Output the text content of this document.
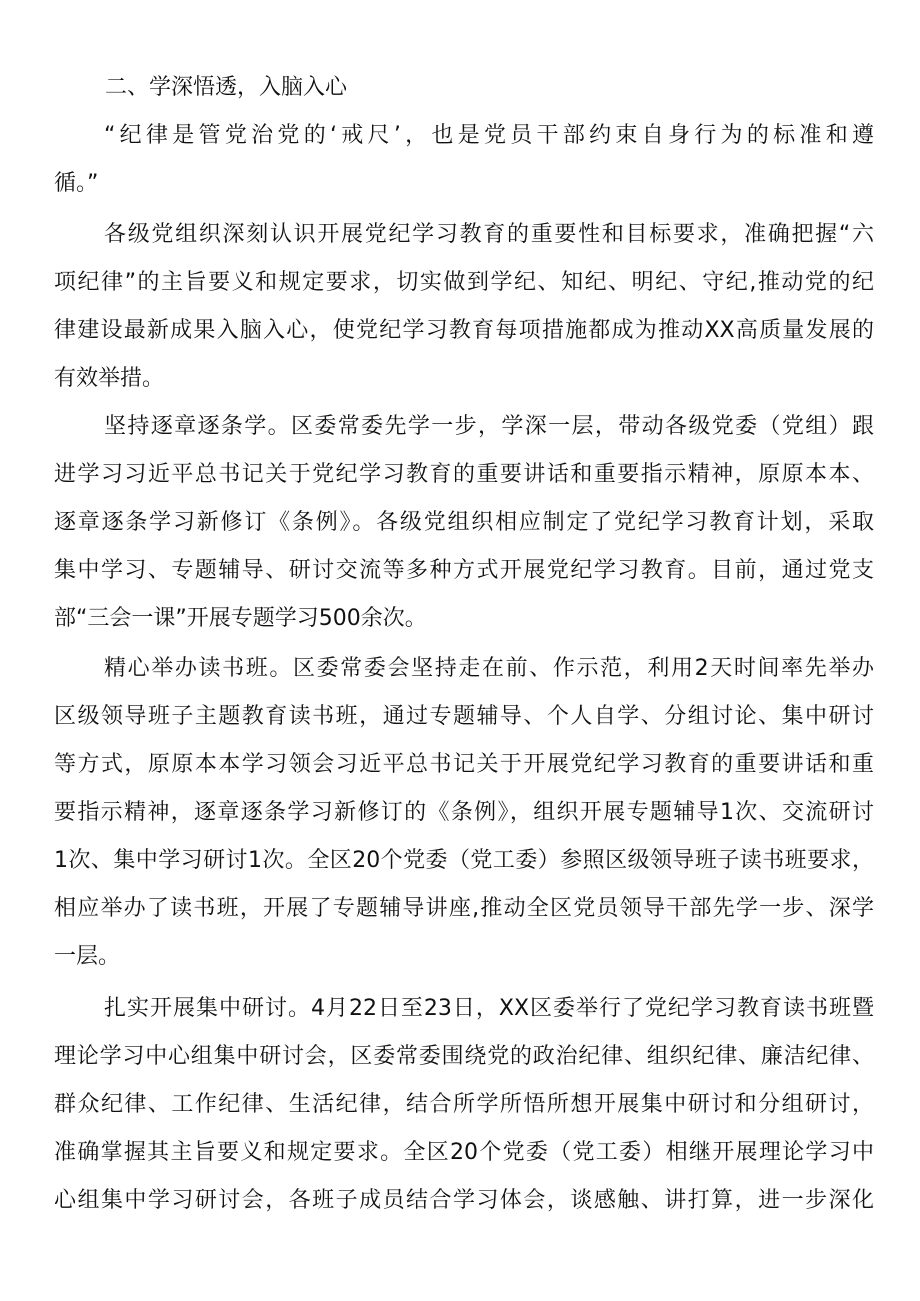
二、学深悟透，入脑入心
“纪律是管党治党的‘戒尺’，也是党员干部约束自身行为的标准和遵
循。”
各级党组织深刻认识开展党纪学习教育的重要性和目标要求，准确把握“六
项纪律”的主旨要义和规定要求，切实做到学纪、知纪、明纪、守纪,推动党的纪
律建设最新成果入脑入心，使党纪学习教育每项措施都成为推动XX高质量发展的
有效举措。
坚持逐章逐条学。区委常委先学一步，学深一层，带动各级党委（党组）跟
进学习习近平总书记关于党纪学习教育的重要讲话和重要指示精神，原原本本、
逐章逐条学习新修订《条例》。各级党组织相应制定了党纪学习教育计划，采取
集中学习、专题辅导、研讨交流等多种方式开展党纪学习教育。目前，通过党支
部“三会一课”开展专题学习500余次。
精心举办读书班。区委常委会坚持走在前、作示范，利用2天时间率先举办
区级领导班子主题教育读书班，通过专题辅导、个人自学、分组讨论、集中研讨
等方式，原原本本学习领会习近平总书记关于开展党纪学习教育的重要讲话和重
要指示精神，逐章逐条学习新修订的《条例》，组织开展专题辅导1次、交流研讨
1次、集中学习研讨1次。全区20个党委（党工委）参照区级领导班子读书班要求，
相应举办了读书班，开展了专题辅导讲座,推动全区党员领导干部先学一步、深学
一层。
扎实开展集中研讨。4月22日至23日，XX区委举行了党纪学习教育读书班暨
理论学习中心组集中研讨会，区委常委围绕党的政治纪律、组织纪律、廉洁纪律、
群众纪律、工作纪律、生活纪律，结合所学所悟所想开展集中研讨和分组研讨，
准确掌握其主旨要义和规定要求。全区20个党委（党工委）相继开展理论学习中
心组集中学习研讨会，各班子成员结合学习体会，谈感触、讲打算，进一步深化
